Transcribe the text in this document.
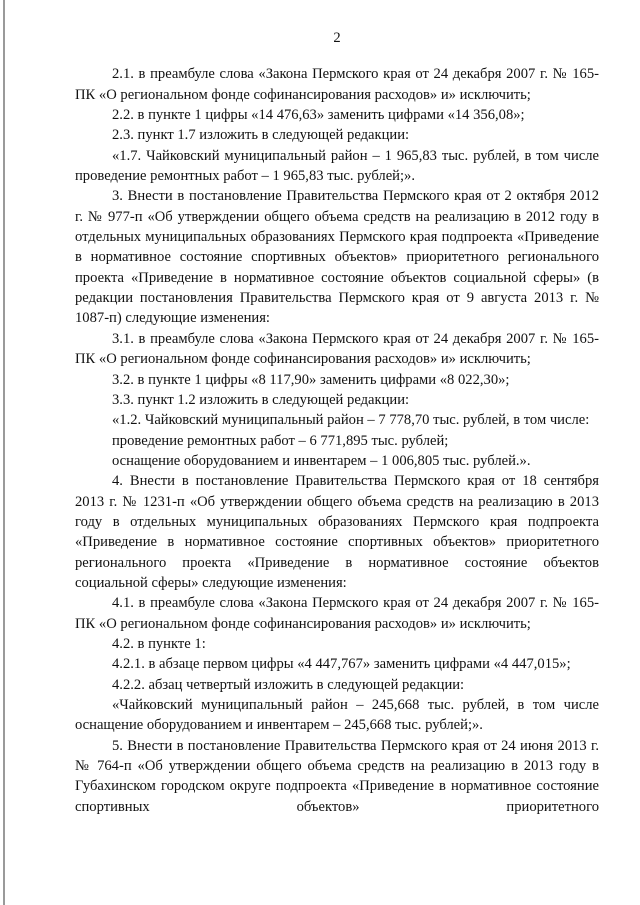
2

2.1. в преамбуле слова «Закона Пермского края от 24 декабря 2007 г. № 165-ПК «О региональном фонде софинансирования расходов» и» исключить;

2.2. в пункте 1 цифры «14 476,63» заменить цифрами «14 356,08»;

2.3. пункт 1.7 изложить в следующей редакции:

«1.7. Чайковский муниципальный район – 1 965,83 тыс. рублей, в том числе проведение ремонтных работ – 1 965,83 тыс. рублей;».

3. Внести в постановление Правительства Пермского края от 2 октября 2012 г. № 977-п «Об утверждении общего объема средств на реализацию в 2012 году в отдельных муниципальных образованиях Пермского края подпроекта «Приведение в нормативное состояние спортивных объектов» приоритетного регионального проекта «Приведение в нормативное состояние объектов социальной сферы» (в редакции постановления Правительства Пермского края от 9 августа 2013 г. № 1087-п) следующие изменения:

3.1. в преамбуле слова «Закона Пермского края от 24 декабря 2007 г. № 165-ПК «О региональном фонде софинансирования расходов» и» исключить;

3.2. в пункте 1 цифры «8 117,90» заменить цифрами «8 022,30»;

3.3. пункт 1.2 изложить в следующей редакции:

«1.2. Чайковский муниципальный район – 7 778,70 тыс. рублей, в том числе:

проведение ремонтных работ – 6 771,895 тыс. рублей;

оснащение оборудованием и инвентарем – 1 006,805 тыс. рублей.».

4. Внести в постановление Правительства Пермского края от 18 сентября 2013 г. № 1231-п «Об утверждении общего объема средств на реализацию в 2013 году в отдельных муниципальных образованиях Пермского края подпроекта «Приведение в нормативное состояние спортивных объектов» приоритетного регионального проекта «Приведение в нормативное состояние объектов социальной сферы» следующие изменения:

4.1. в преамбуле слова «Закона Пермского края от 24 декабря 2007 г. № 165-ПК «О региональном фонде софинансирования расходов» и» исключить;

4.2. в пункте 1:

4.2.1. в абзаце первом цифры «4 447,767» заменить цифрами «4 447,015»;

4.2.2. абзац четвертый изложить в следующей редакции:

«Чайковский муниципальный район – 245,668 тыс. рублей, в том числе оснащение оборудованием и инвентарем – 245,668 тыс. рублей;».

5. Внести в постановление Правительства Пермского края от 24 июня 2013 г. № 764-п «Об утверждении общего объема средств на реализацию в 2013 году в Губахинском городском округе подпроекта «Приведение в нормативное состояние спортивных объектов» приоритетного
